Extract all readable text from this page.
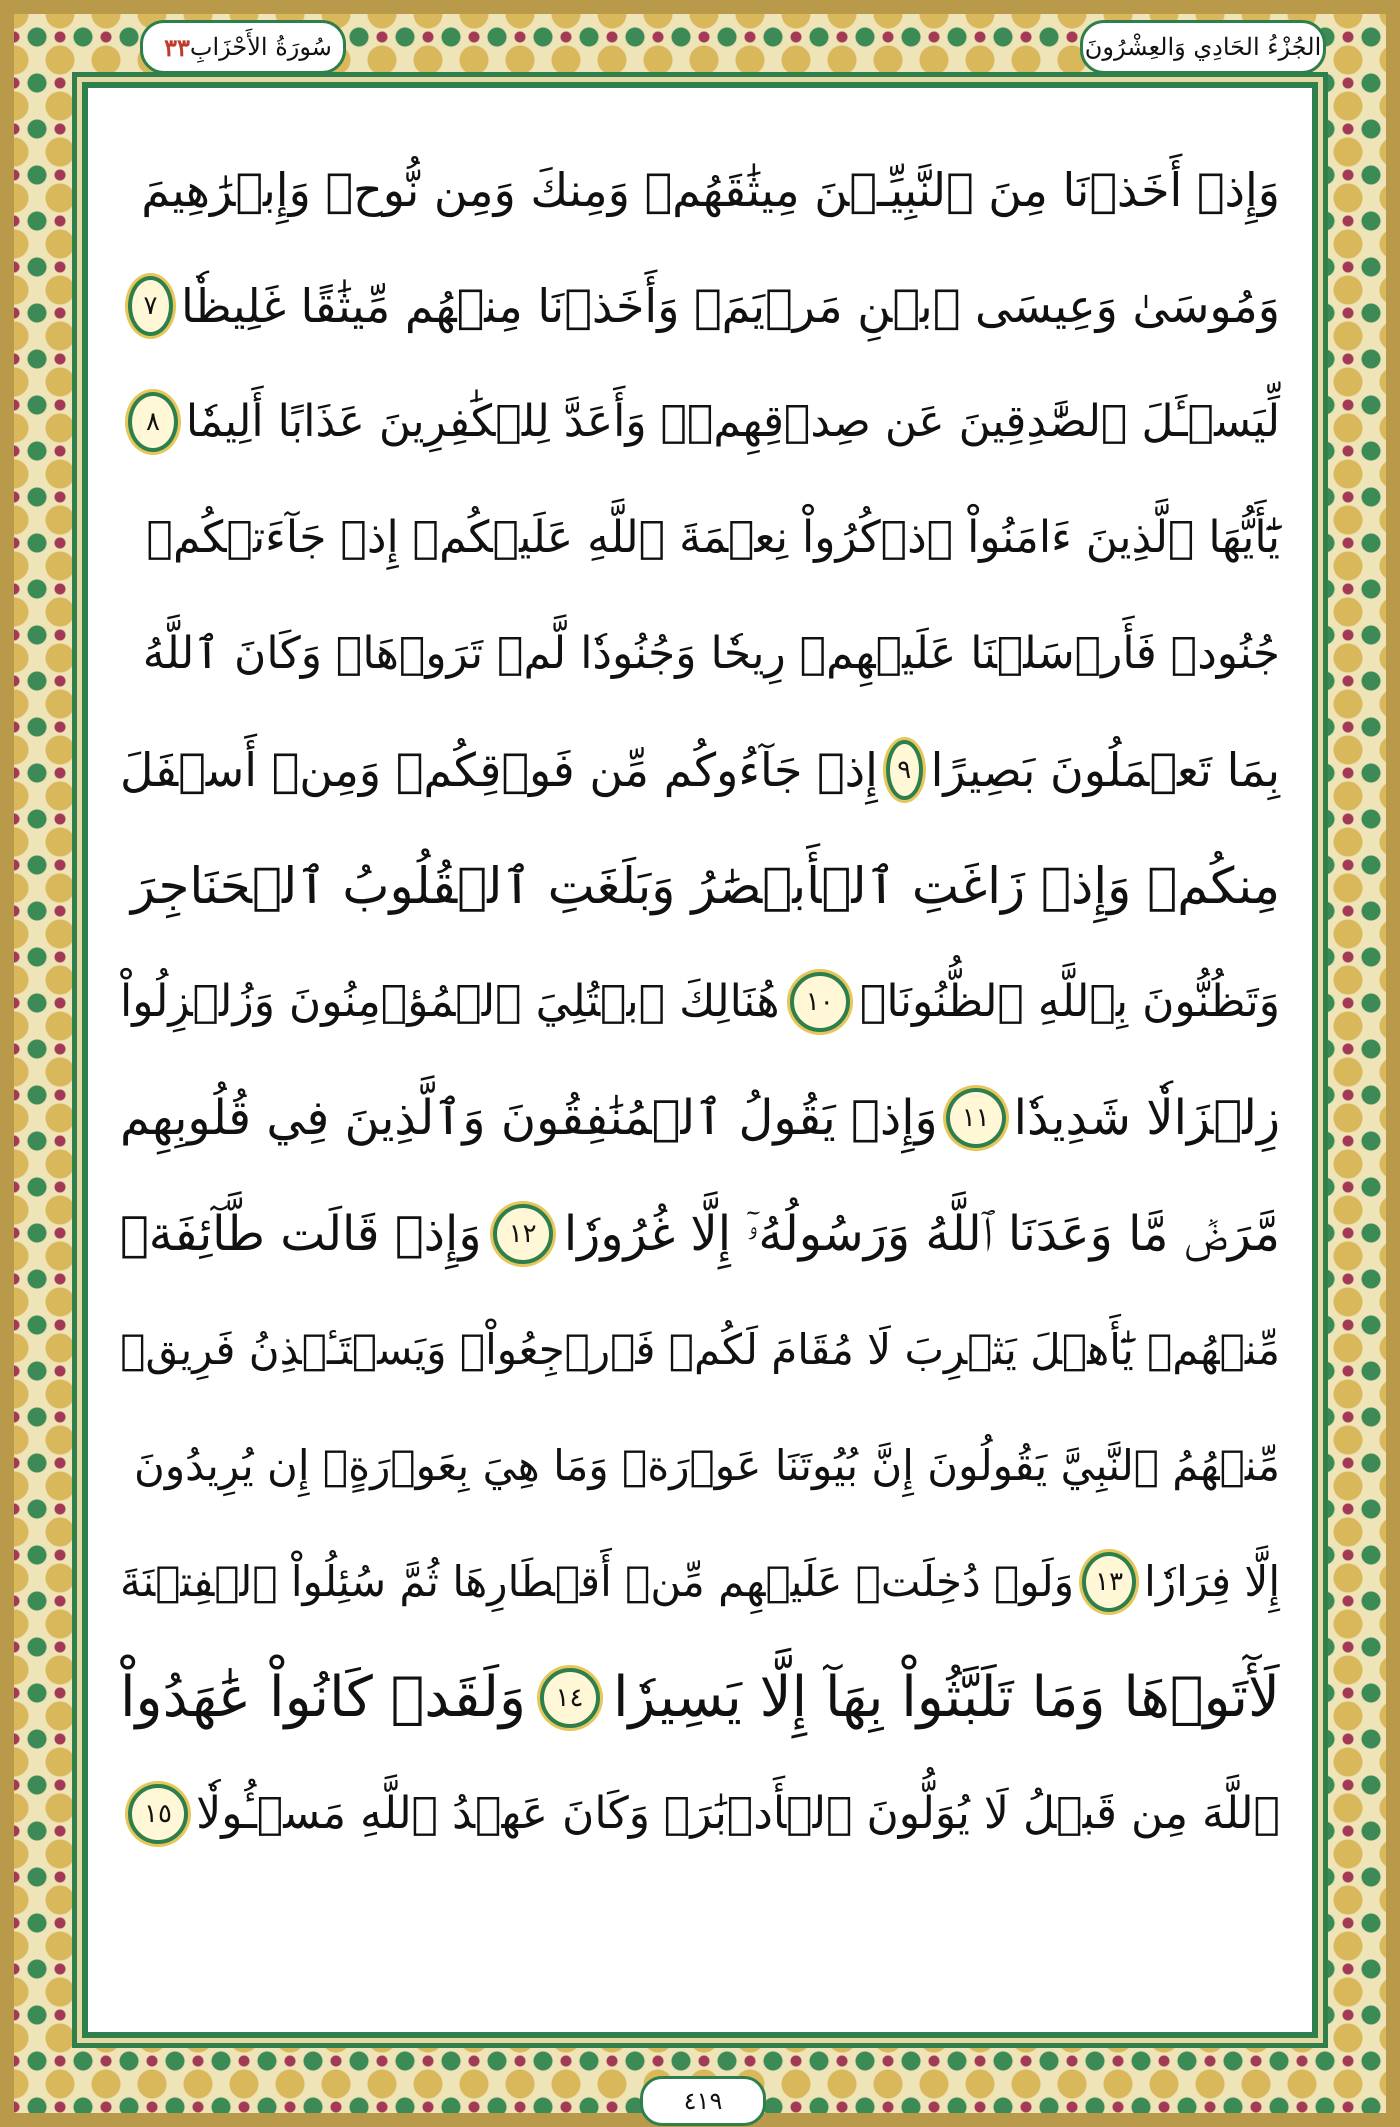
٣٣ سُورَةُ الأَحْزَابِ	الجُزْءُ الحَادِي وَالعِشْرُونَ
وَإِذۡ أَخَذۡنَا مِنَ ٱلنَّبِيِّـۧنَ مِيثَٰقَهُمۡ وَمِنكَ وَمِن نُّوحٖ وَإِبۡرَٰهِيمَ
وَمُوسَىٰ وَعِيسَى ٱبۡنِ مَرۡيَمَۖ وَأَخَذۡنَا مِنۡهُم مِّيثَٰقًا غَلِيظٗا
٧
لِّيَسۡـَٔلَ ٱلصَّٰدِقِينَ عَن صِدۡقِهِمۡۚ وَأَعَدَّ لِلۡكَٰفِرِينَ عَذَابًا أَلِيمٗا
٨
يَٰٓأَيُّهَا ٱلَّذِينَ ءَامَنُواْ ٱذۡكُرُواْ نِعۡمَةَ ٱللَّهِ عَلَيۡكُمۡ إِذۡ جَآءَتۡكُمۡ
جُنُودٞ فَأَرۡسَلۡنَا عَلَيۡهِمۡ رِيحٗا وَجُنُودٗا لَّمۡ تَرَوۡهَاۚ وَكَانَ ٱللَّهُ
بِمَا تَعۡمَلُونَ بَصِيرًا
٩
إِذۡ جَآءُوكُم مِّن فَوۡقِكُمۡ وَمِنۡ أَسۡفَلَ
مِنكُمۡ وَإِذۡ زَاغَتِ ٱلۡأَبۡصَٰرُ وَبَلَغَتِ ٱلۡقُلُوبُ ٱلۡحَنَاجِرَ
وَتَظُنُّونَ بِٱللَّهِ ٱلظُّنُونَا۠
١٠
هُنَالِكَ ٱبۡتُلِيَ ٱلۡمُؤۡمِنُونَ وَزُلۡزِلُواْ
زِلۡزَالٗا شَدِيدٗا
١١
وَإِذۡ يَقُولُ ٱلۡمُنَٰفِقُونَ وَٱلَّذِينَ فِي قُلُوبِهِم
مَّرَضٞ مَّا وَعَدَنَا ٱللَّهُ وَرَسُولُهُۥٓ إِلَّا غُرُورٗا
١٢
وَإِذۡ قَالَت طَّآئِفَةٞ
مِّنۡهُمۡ يَٰٓأَهۡلَ يَثۡرِبَ لَا مُقَامَ لَكُمۡ فَٱرۡجِعُواْۚ وَيَسۡتَـٔۡذِنُ فَرِيقٞ
مِّنۡهُمُ ٱلنَّبِيَّ يَقُولُونَ إِنَّ بُيُوتَنَا عَوۡرَةٞ وَمَا هِيَ بِعَوۡرَةٍۖ إِن يُرِيدُونَ
إِلَّا فِرَارٗا
١٣
وَلَوۡ دُخِلَتۡ عَلَيۡهِم مِّنۡ أَقۡطَارِهَا ثُمَّ سُئِلُواْ ٱلۡفِتۡنَةَ
لَأٓتَوۡهَا وَمَا تَلَبَّثُواْ بِهَآ إِلَّا يَسِيرٗا
١٤
وَلَقَدۡ كَانُواْ عَٰهَدُواْ
ٱللَّهَ مِن قَبۡلُ لَا يُوَلُّونَ ٱلۡأَدۡبَٰرَۚ وَكَانَ عَهۡدُ ٱللَّهِ مَسۡـُٔولٗا
١٥
٤١٩
